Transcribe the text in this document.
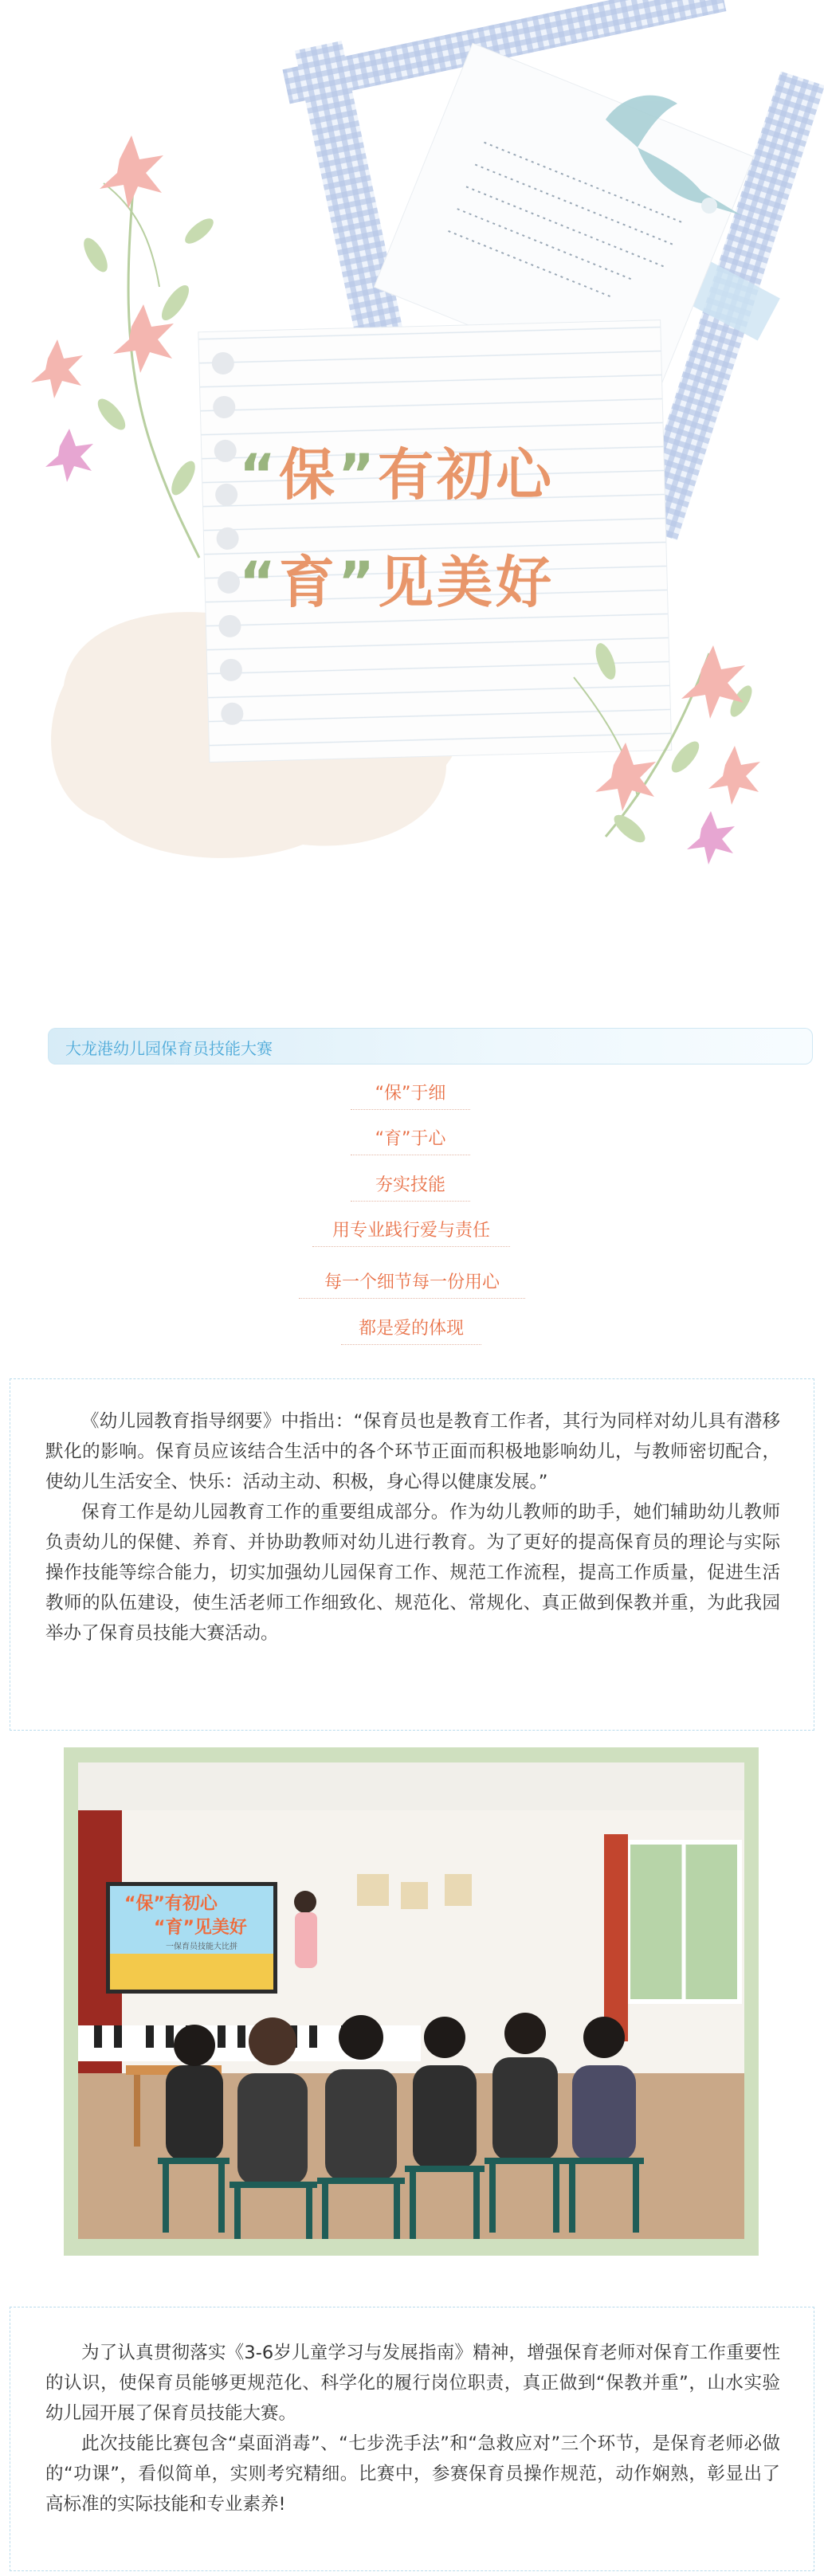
“保”有初心
“育”见美好
大龙港幼儿园保育员技能大赛
“保”于细
“育”于心
夯实技能
用专业践行爱与责任
每一个细节每一份用心
都是爱的体现

《幼儿园教育指导纲要》中指出：“保育员也是教育工作者，其行为同样对幼儿具有潜移默化的影响。保育员应该结合生活中的各个环节正面而积极地影响幼儿，与教师密切配合，使幼儿生活安全、快乐：活动主动、积极，身心得以健康发展。”

保育工作是幼儿园教育工作的重要组成部分。作为幼儿教师的助手，她们辅助幼儿教师负责幼儿的保健、养育、并协助教师对幼儿进行教育。为了更好的提高保育员的理论与实际操作技能等综合能力，切实加强幼儿园保育工作、规范工作流程，提高工作质量，促进生活教师的队伍建设，使生活老师工作细致化、规范化、常规化、真正做到保教并重，为此我园举办了保育员技能大赛活动。

“保”有初心
“育”见美好
一保育员技能大比拼

为了认真贯彻落实《3-6岁儿童学习与发展指南》精神，增强保育老师对保育工作重要性的认识，使保育员能够更规范化、科学化的履行岗位职责，真正做到“保教并重”，山水实验幼儿园开展了保育员技能大赛。

此次技能比赛包含“桌面消毒”、“七步洗手法”和“急救应对”三个环节，是保育老师必做的“功课”，看似简单，实则考究精细。比赛中，参赛保育员操作规范，动作娴熟，彰显出了高标准的实际技能和专业素养!
